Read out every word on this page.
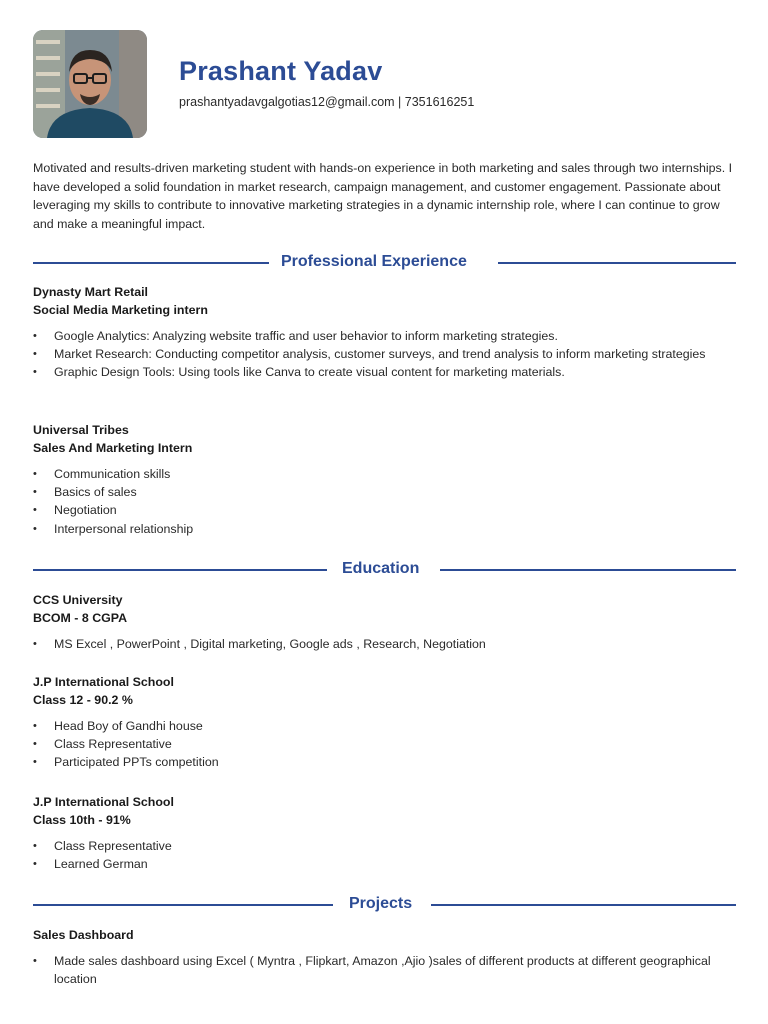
Prashant Yadav
prashantyadavgalgotias12@gmail.com | 7351616251
Motivated and results-driven marketing student with hands-on experience in both marketing and sales through two internships. I have developed a solid foundation in market research, campaign management, and customer engagement. Passionate about leveraging my skills to contribute to innovative marketing strategies in a dynamic internship role, where I can continue to grow and make a meaningful impact.
Professional Experience
Dynasty Mart Retail
Social Media Marketing intern
• Google Analytics: Analyzing website traffic and user behavior to inform marketing strategies.
• Market Research: Conducting competitor analysis, customer surveys, and trend analysis to inform marketing strategies
• Graphic Design Tools: Using tools like Canva to create visual content for marketing materials.
Universal Tribes
Sales And Marketing Intern
• Communication skills
• Basics of sales
• Negotiation
• Interpersonal relationship
Education
CCS University
BCOM - 8 CGPA
• MS Excel , PowerPoint , Digital marketing, Google ads , Research, Negotiation
J.P International School
Class 12 - 90.2 %
• Head Boy of Gandhi house
• Class Representative
• Participated PPTs competition
J.P International School
Class 10th - 91%
• Class Representative
• Learned German
Projects
Sales Dashboard
• Made sales dashboard using Excel ( Myntra , Flipkart, Amazon ,Ajio )sales of different products at different geographical location
